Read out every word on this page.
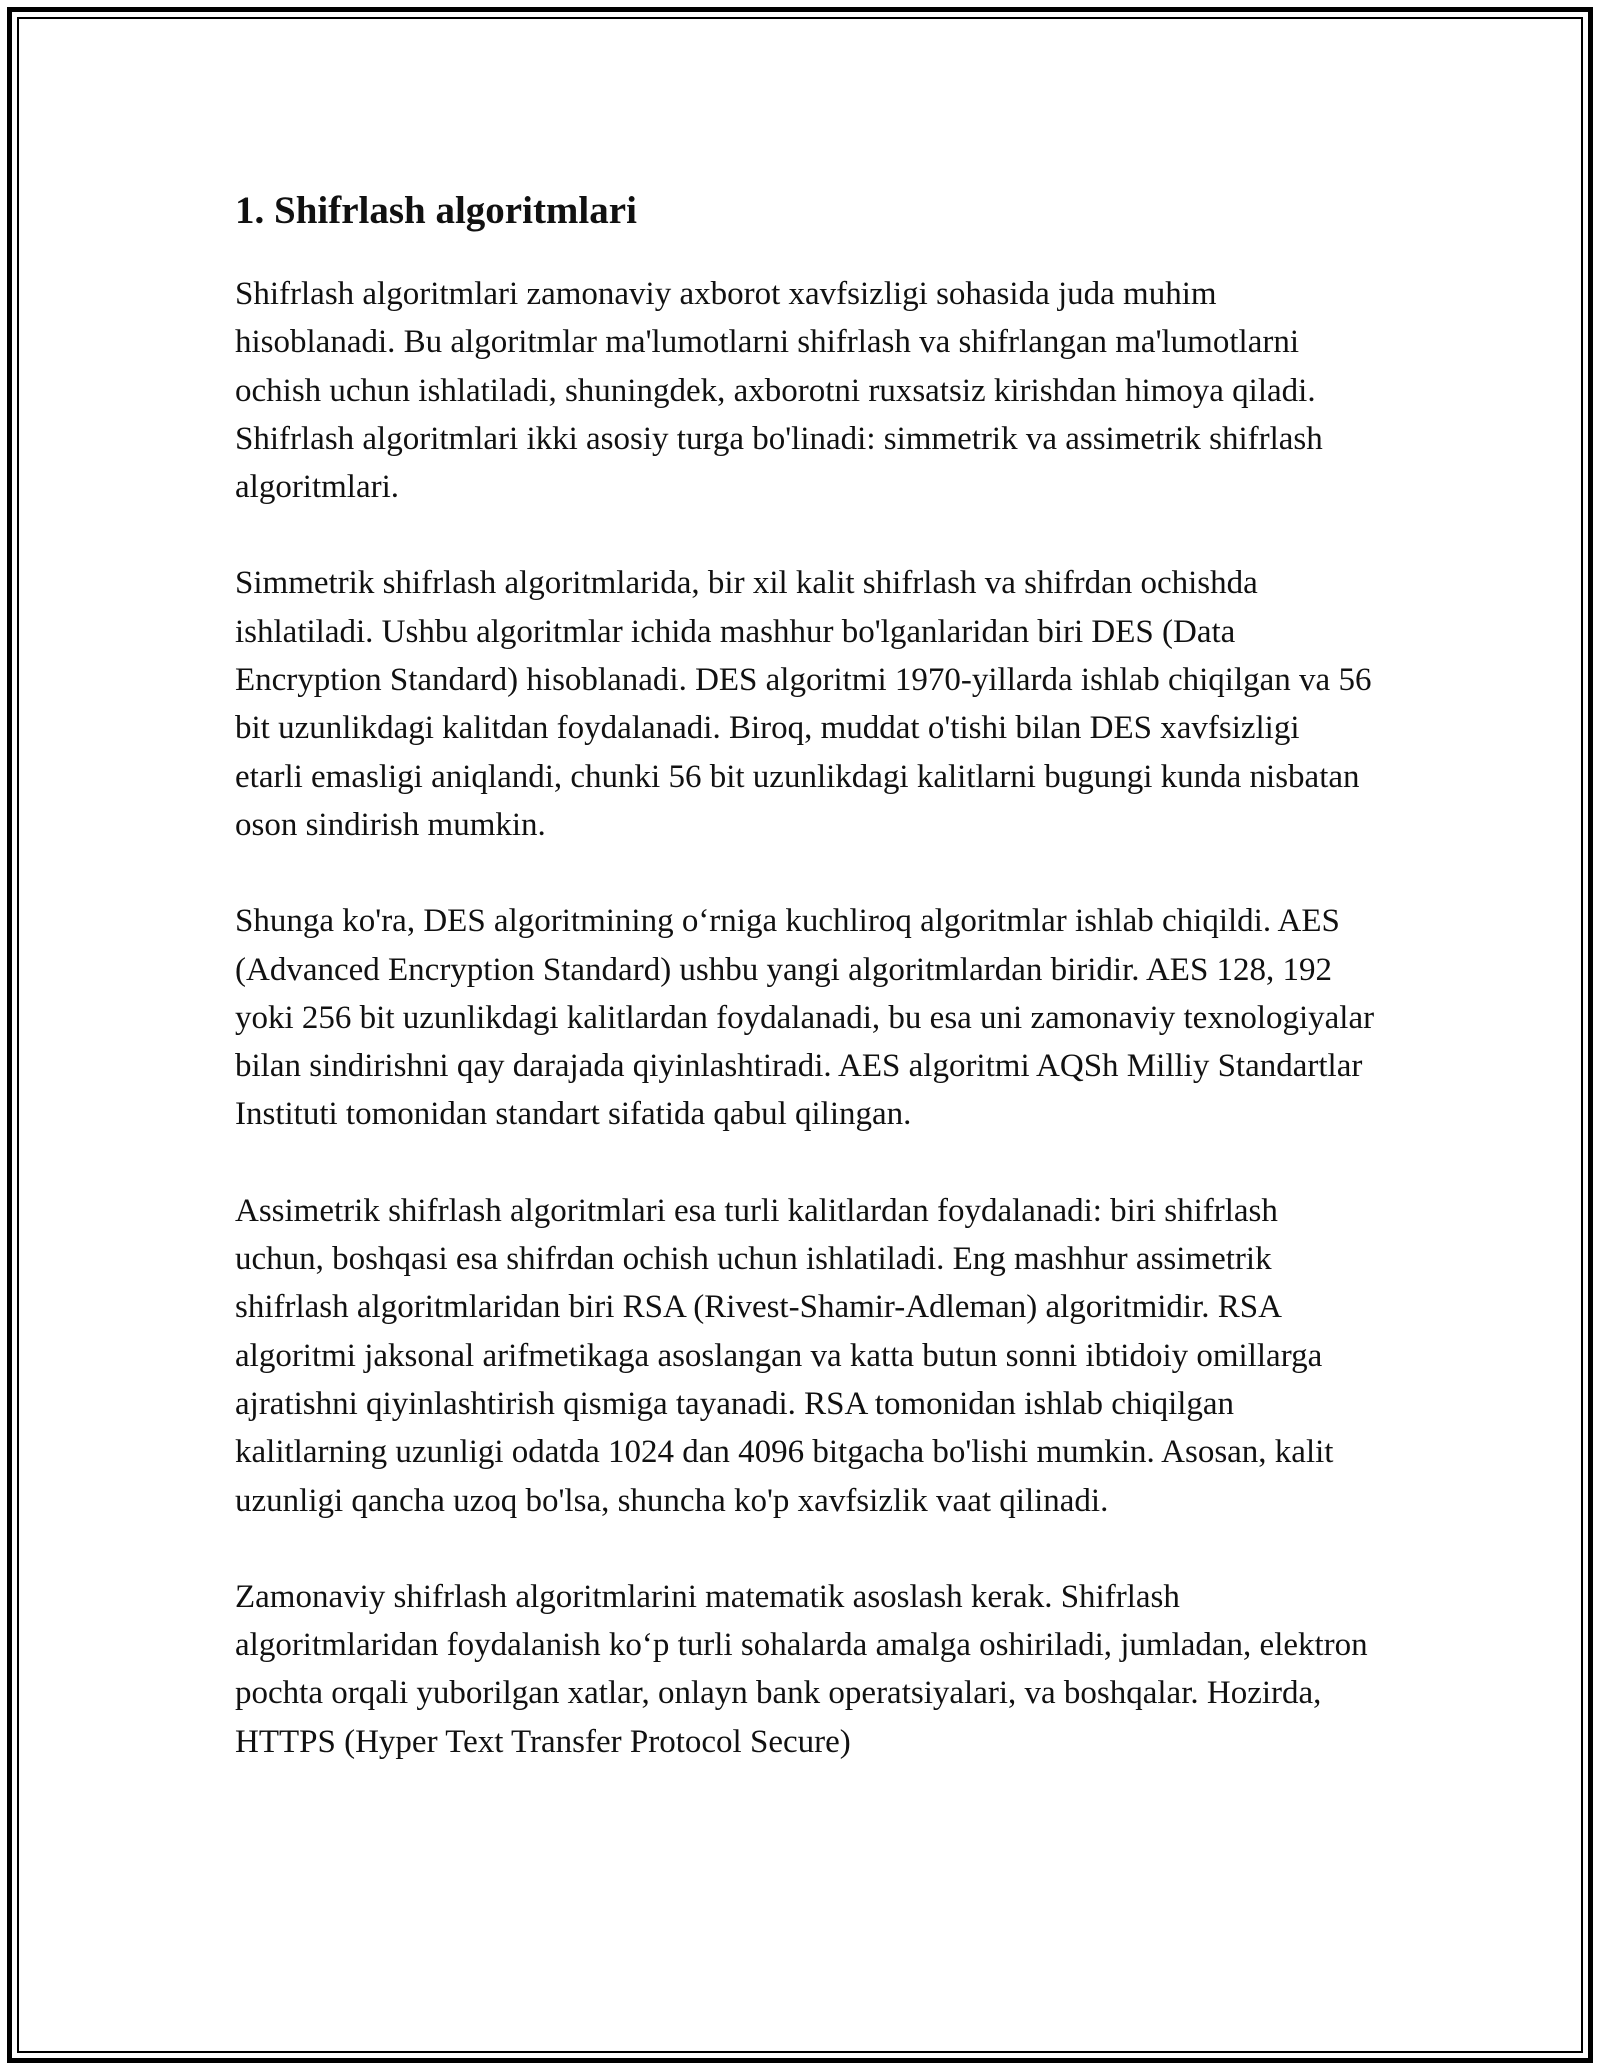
1. Shifrlash algoritmlari

Shifrlash algoritmlari zamonaviy axborot xavfsizligi sohasida juda muhim hisoblanadi. Bu algoritmlar ma'lumotlarni shifrlash va shifrlangan ma'lumotlarni ochish uchun ishlatiladi, shuningdek, axborotni ruxsatsiz kirishdan himoya qiladi. Shifrlash algoritmlari ikki asosiy turga bo'linadi: simmetrik va assimetrik shifrlash algoritmlari.

Simmetrik shifrlash algoritmlarida, bir xil kalit shifrlash va shifrdan ochishda ishlatiladi. Ushbu algoritmlar ichida mashhur bo'lganlaridan biri DES (Data Encryption Standard) hisoblanadi. DES algoritmi 1970-yillarda ishlab chiqilgan va 56 bit uzunlikdagi kalitdan foydalanadi. Biroq, muddat o'tishi bilan DES xavfsizligi etarli emasligi aniqlandi, chunki 56 bit uzunlikdagi kalitlarni bugungi kunda nisbatan oson sindirish mumkin.

Shunga ko'ra, DES algoritmining o‘rniga kuchliroq algoritmlar ishlab chiqildi. AES (Advanced Encryption Standard) ushbu yangi algoritmlardan biridir. AES 128, 192 yoki 256 bit uzunlikdagi kalitlardan foydalanadi, bu esa uni zamonaviy texnologiyalar bilan sindirishni qay darajada qiyinlashtiradi. AES algoritmi AQSh Milliy Standartlar Instituti tomonidan standart sifatida qabul qilingan.

Assimetrik shifrlash algoritmlari esa turli kalitlardan foydalanadi: biri shifrlash uchun, boshqasi esa shifrdan ochish uchun ishlatiladi. Eng mashhur assimetrik shifrlash algoritmlaridan biri RSA (Rivest-Shamir-Adleman) algoritmidir. RSA algoritmi jaksonal arifmetikaga asoslangan va katta butun sonni ibtidoiy omillarga ajratishni qiyinlashtirish qismiga tayanadi. RSA tomonidan ishlab chiqilgan kalitlarning uzunligi odatda 1024 dan 4096 bitgacha bo'lishi mumkin. Asosan, kalit uzunligi qancha uzoq bo'lsa, shuncha ko'p xavfsizlik vaat qilinadi.

Zamonaviy shifrlash algoritmlarini matematik asoslash kerak. Shifrlash algoritmlaridan foydalanish ko‘p turli sohalarda amalga oshiriladi, jumladan, elektron pochta orqali yuborilgan xatlar, onlayn bank operatsiyalari, va boshqalar. Hozirda, HTTPS (Hyper Text Transfer Protocol Secure)
